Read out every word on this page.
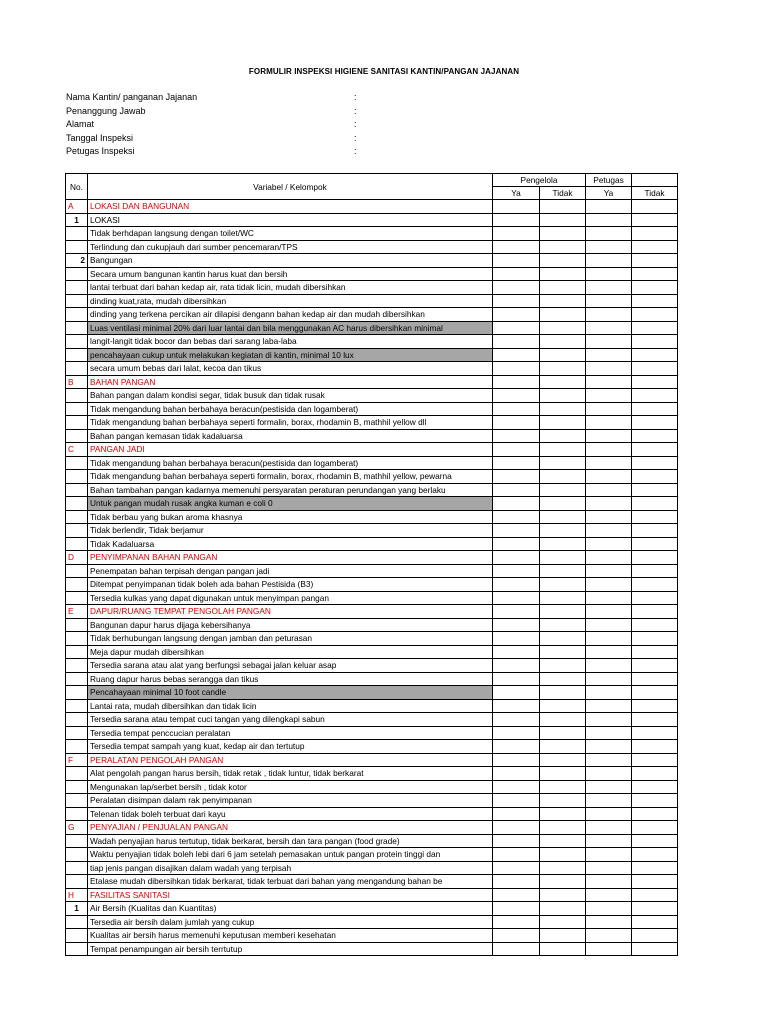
FORMULIR INSPEKSI HIGIENE SANITASI KANTIN/PANGAN JAJANAN
Nama Kantin/ panganan Jajanan	:
Penanggung Jawab	:
Alamat	:
Tanggal Inspeksi	:
Petugas Inspeksi	:
No.	Variabel / Kelompok	Pengelola		Petugas	
		Ya	Tidak	Ya	Tidak
A	LOKASI DAN BANGUNAN				
1	LOKASI				
	Tidak berhdapan langsung dengan toilet/WC				
	Terlindung dan cukupjauh dari sumber pencemaran/TPS				
2	Bangungan				
	Secara umum bangunan kantin harus kuat dan bersih				
	lantai terbuat dari bahan kedap air, rata tidak licin, mudah dibersihkan				
	dinding kuat,rata, mudah dibersihkan				
	dinding yang terkena percikan air dilapisi dengann bahan kedap air dan mudah dibersihkan				
	Luas ventilasi minimal 20% dari luar lantai dan bila menggunakan AC harus dibersihkan minimal				
	langit-langit tidak bocor dan bebas dari sarang laba-laba				
	pencahayaan cukup untuk melakukan kegiatan di kantin, minimal 10 lux				
	secara umum bebas dari lalat, kecoa dan tikus				
B	BAHAN PANGAN				
	Bahan pangan dalam kondisi segar, tidak busuk dan tidak rusak				
	Tidak mengandung bahan berbahaya beracun(pestisida dan logamberat)				
	Tidak mengandung bahan berbahaya seperti formalin, borax, rhodamin B, mathhil yellow dll				
	Bahan pangan kemasan tidak kadaluarsa				
C	PANGAN JADI				
	Tidak mengandung bahan berbahaya beracun(pestisida dan logamberat)				
	Tidak mengandung bahan berbahaya seperti formalin, borax, rhodamin B, mathhil yellow, pewarna				
	Bahan tambahan pangan kadarnya memenuhi persyaratan peraturan perundangan yang berlaku				
	Untuk pangan mudah rusak angka kuman e coli 0				
	Tidak berbau yang bukan aroma khasnya				
	Tidak berlendir, Tidak berjamur				
	Tidak Kadaluarsa				
D	PENYIMPANAN BAHAN PANGAN				
	Penempatan bahan terpisah dengan pangan jadi				
	Ditempat penyimpanan tidak boleh ada bahan Pestisida (B3)				
	Tersedia kulkas yang dapat digunakan untuk menyimpan pangan				
E	DAPUR/RUANG TEMPAT PENGOLAH PANGAN				
	Bangunan dapur harus dijaga kebersihanya				
	Tidak berhubungan langsung dengan jamban dan peturasan				
	Meja dapur mudah dibersihkan				
	Tersedia sarana atau alat yang berfungsi sebagai jalan keluar asap				
	Ruang dapur harus bebas serangga dan tikus				
	Pencahayaan minimal 10 foot candle				
	Lantai rata, mudah dibersihkan dan tidak licin				
	Tersedia sarana atau tempat cuci tangan yang dilengkapi sabun				
	Tersedia tempat penccucian peralatan				
	Tersedia tempat sampah yang kuat, kedap air dan tertutup				
F	PERALATAN PENGOLAH PANGAN				
	Alat pengolah pangan harus bersih, tidak retak , tidak luntur, tidak berkarat				
	Mengunakan lap/serbet bersih , tidak kotor				
	Peralatan disimpan dalam rak penyimpanan				
	Telenan tidak boleh terbuat dari kayu				
G	PENYAJIAN / PENJUALAN PANGAN				
	Wadah penyajian harus tertutup, tidak berkarat, bersih dan tara pangan (food grade)				
	Waktu penyajian tidak boleh lebi dari 6 jam setelah pemasakan untuk pangan protein tinggi dan				
	tiap jenis pangan disajikan dalam wadah yang terpisah				
	Etalase mudah dibersihkan tidak berkarat, tidak terbuat dari bahan yang mengandung bahan be				
H	FASILITAS SANITASI				
1	Air Bersih (Kualitas dan Kuantitas)				
	Tersedia air bersih dalam jumlah yang cukup				
	Kualitas air bersih harus memenuhi keputusan memberi kesehatan				
	Tempat penampungan air bersih terrtutup				
